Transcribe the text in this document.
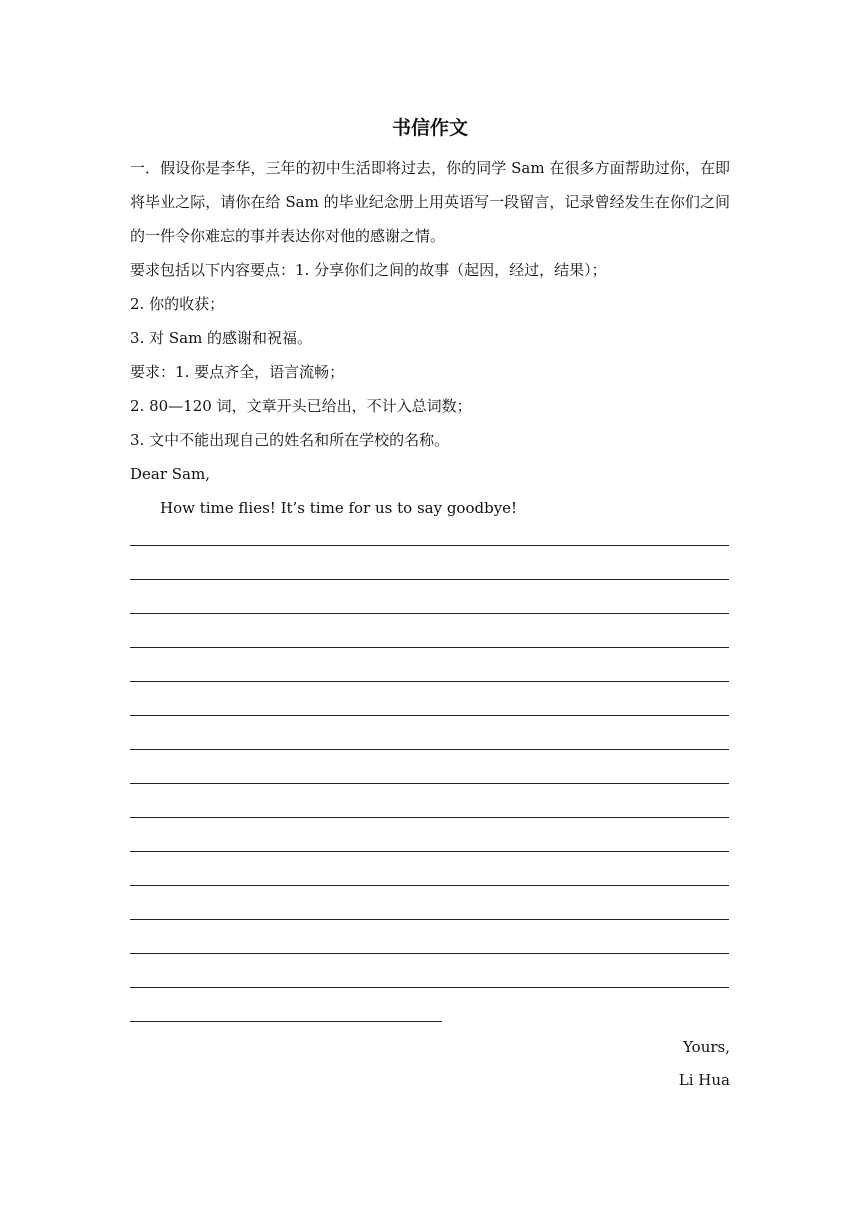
书信作文

一．假设你是李华，三年的初中生活即将过去，你的同学 Sam 在很多方面帮助过你，在即将毕业之际，请你在给 Sam 的毕业纪念册上用英语写一段留言，记录曾经发生在你们之间的一件令你难忘的事并表达你对他的感谢之情。

要求包括以下内容要点：1. 分享你们之间的故事（起因，经过，结果）；

2. 你的收获；

3. 对 Sam 的感谢和祝福。

要求：1. 要点齐全，语言流畅；

2. 80—120 词，文章开头已给出，不计入总词数；

3. 文中不能出现自己的姓名和所在学校的名称。

Dear Sam,

How time flies! It’s time for us to say goodbye!

Yours,
Li Hua
